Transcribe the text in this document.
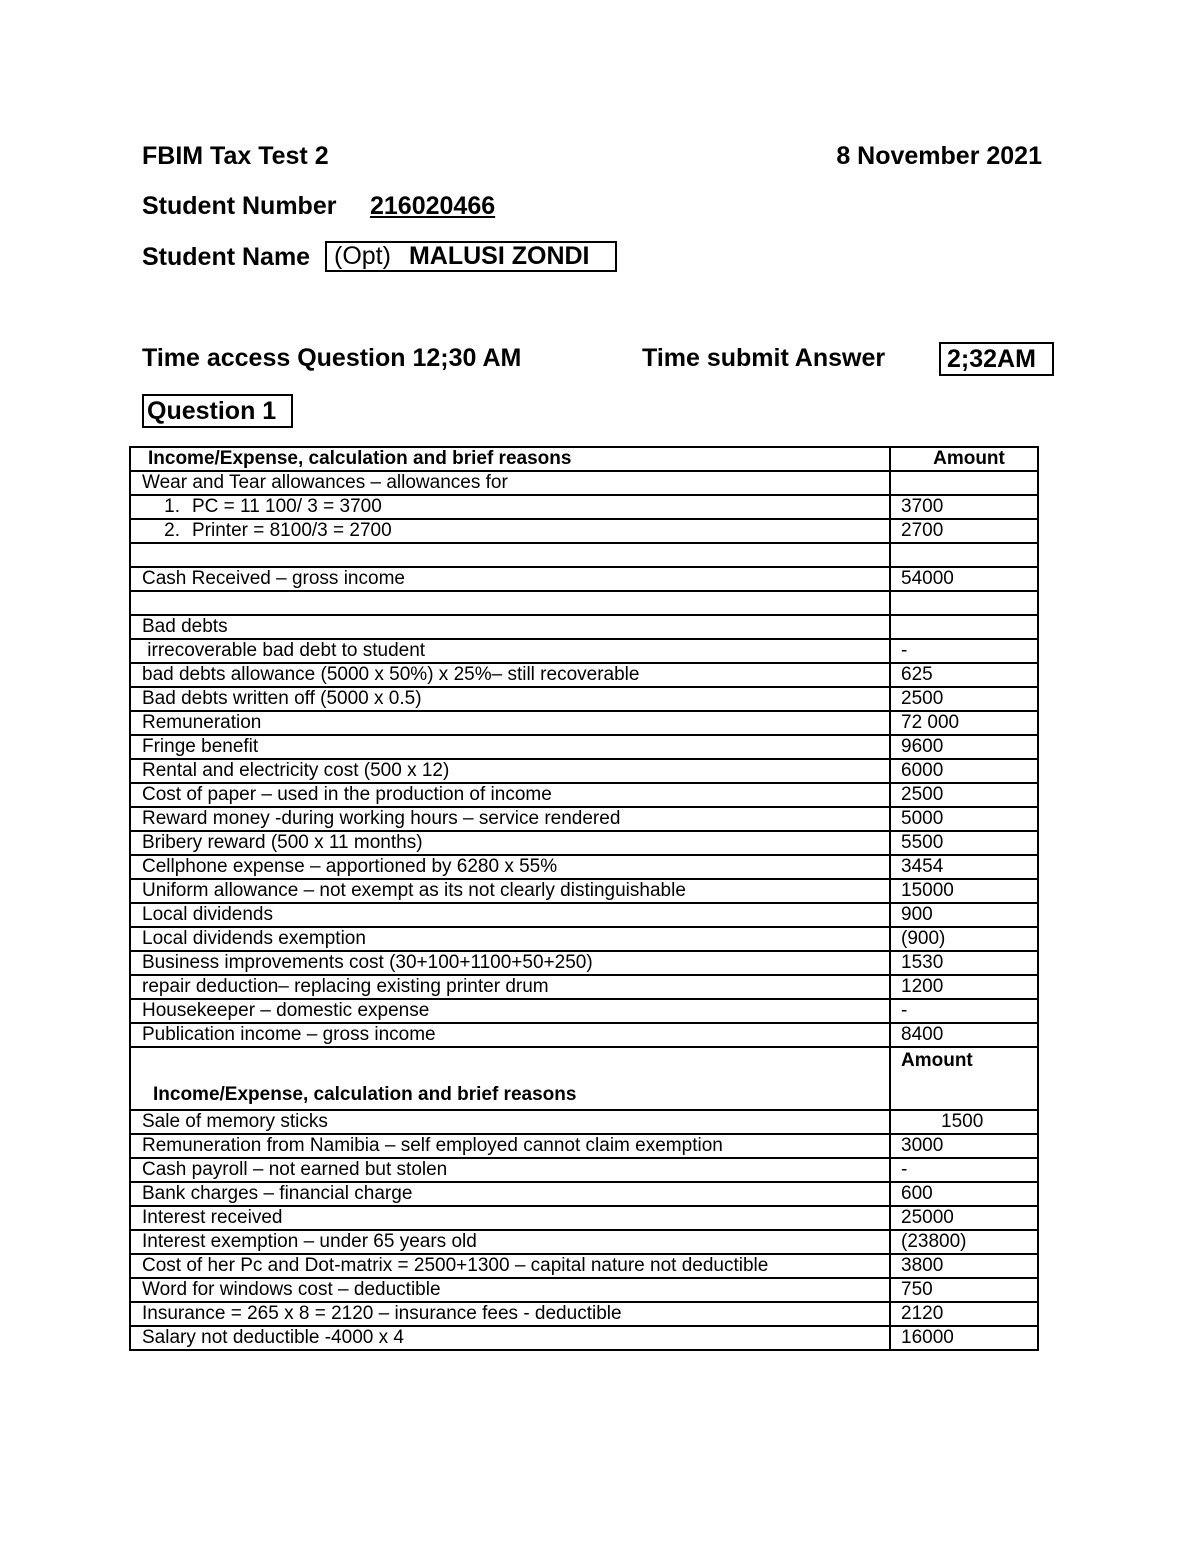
FBIM Tax Test 2	8 November 2021
Student Number 216020466
Student Name (Opt) MALUSI ZONDI
Time access Question 12;30 AM	Time submit Answer	2;32AM
Question 1
Income/Expense, calculation and brief reasons	Amount
Wear and Tear allowances – allowances for	
1. PC = 11 100/ 3 = 3700	3700
2. Printer = 8100/3 = 2700	2700

Cash Received – gross income	54000

Bad debts	
irrecoverable bad debt to student	-
bad debts allowance (5000 x 50%) x 25%– still recoverable	625
Bad debts written off (5000 x 0.5)	2500
Remuneration	72 000
Fringe benefit	9600
Rental and electricity cost (500 x 12)	6000
Cost of paper – used in the production of income	2500
Reward money -during working hours – service rendered	5000
Bribery reward (500 x 11 months)	5500
Cellphone expense – apportioned by 6280 x 55%	3454
Uniform allowance – not exempt as its not clearly distinguishable	15000
Local dividends	900
Local dividends exemption	(900)
Business improvements cost (30+100+1100+50+250)	1530
repair deduction– replacing existing printer drum	1200
Housekeeper – domestic expense	-
Publication income – gross income	8400
Income/Expense, calculation and brief reasons	Amount
Sale of memory sticks	1500
Remuneration from Namibia – self employed cannot claim exemption	3000
Cash payroll – not earned but stolen	-
Bank charges – financial charge	600
Interest received	25000
Interest exemption – under 65 years old	(23800)
Cost of her Pc and Dot-matrix = 2500+1300 – capital nature not deductible	3800
Word for windows cost – deductible	750
Insurance = 265 x 8 = 2120 – insurance fees - deductible	2120
Salary not deductible -4000 x 4	16000
